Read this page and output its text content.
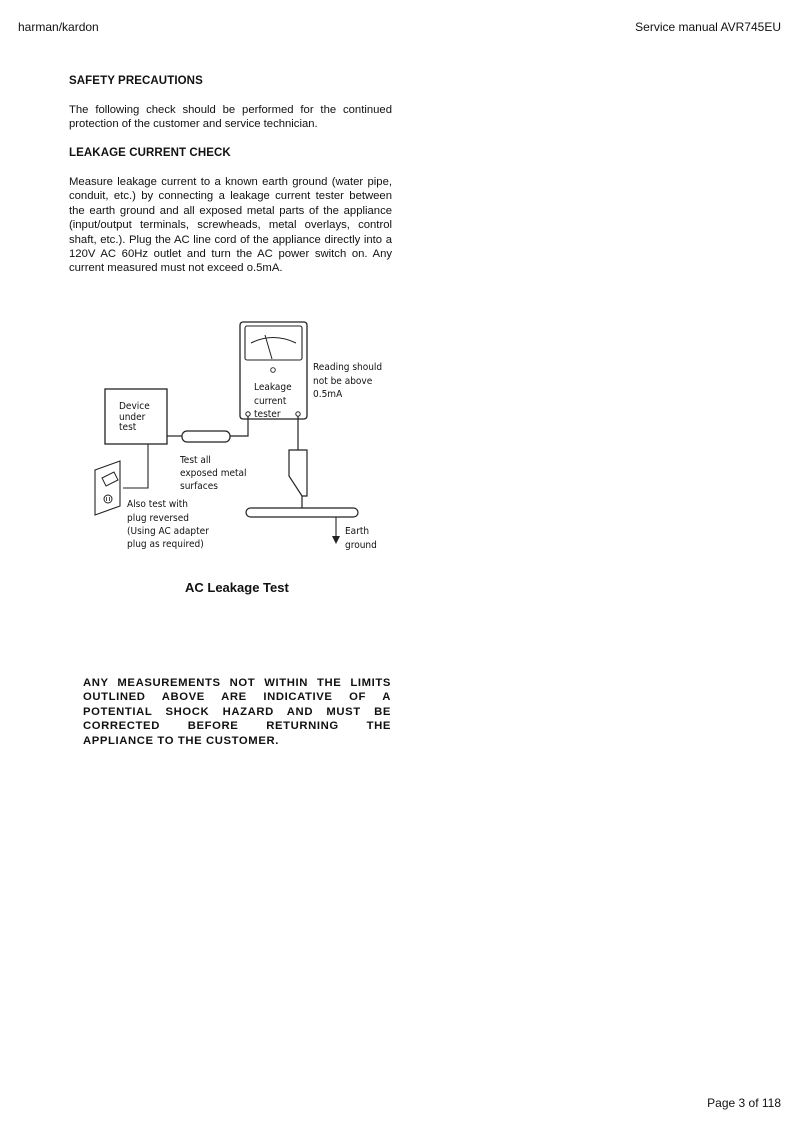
harman/kardon	Service manual AVR745EU
SAFETY PRECAUTIONS
The following check should be performed for the continued protection of the customer and service technician.
LEAKAGE CURRENT CHECK
Measure leakage current to a known earth ground (water pipe, conduit, etc.) by connecting a leakage current tester between the earth ground and all exposed metal parts of the appliance (input/output terminals, screwheads, metal overlays, control shaft, etc.). Plug the AC line cord of the appliance directly into a 120V AC 60Hz outlet and turn the AC power switch on. Any current measured must not exceed o.5mA.
Device under test
Leakage current tester
Reading should not be above 0.5mA
Test all exposed metal surfaces
Also test with plug reversed (Using AC adapter plug as required)
Earth ground
AC Leakage Test
ANY MEASUREMENTS NOT WITHIN THE LIMITS OUTLINED ABOVE ARE INDICATIVE OF A POTENTIAL SHOCK HAZARD AND MUST BE CORRECTED BEFORE RETURNING THE APPLIANCE TO THE CUSTOMER.
Page 3 of 118
